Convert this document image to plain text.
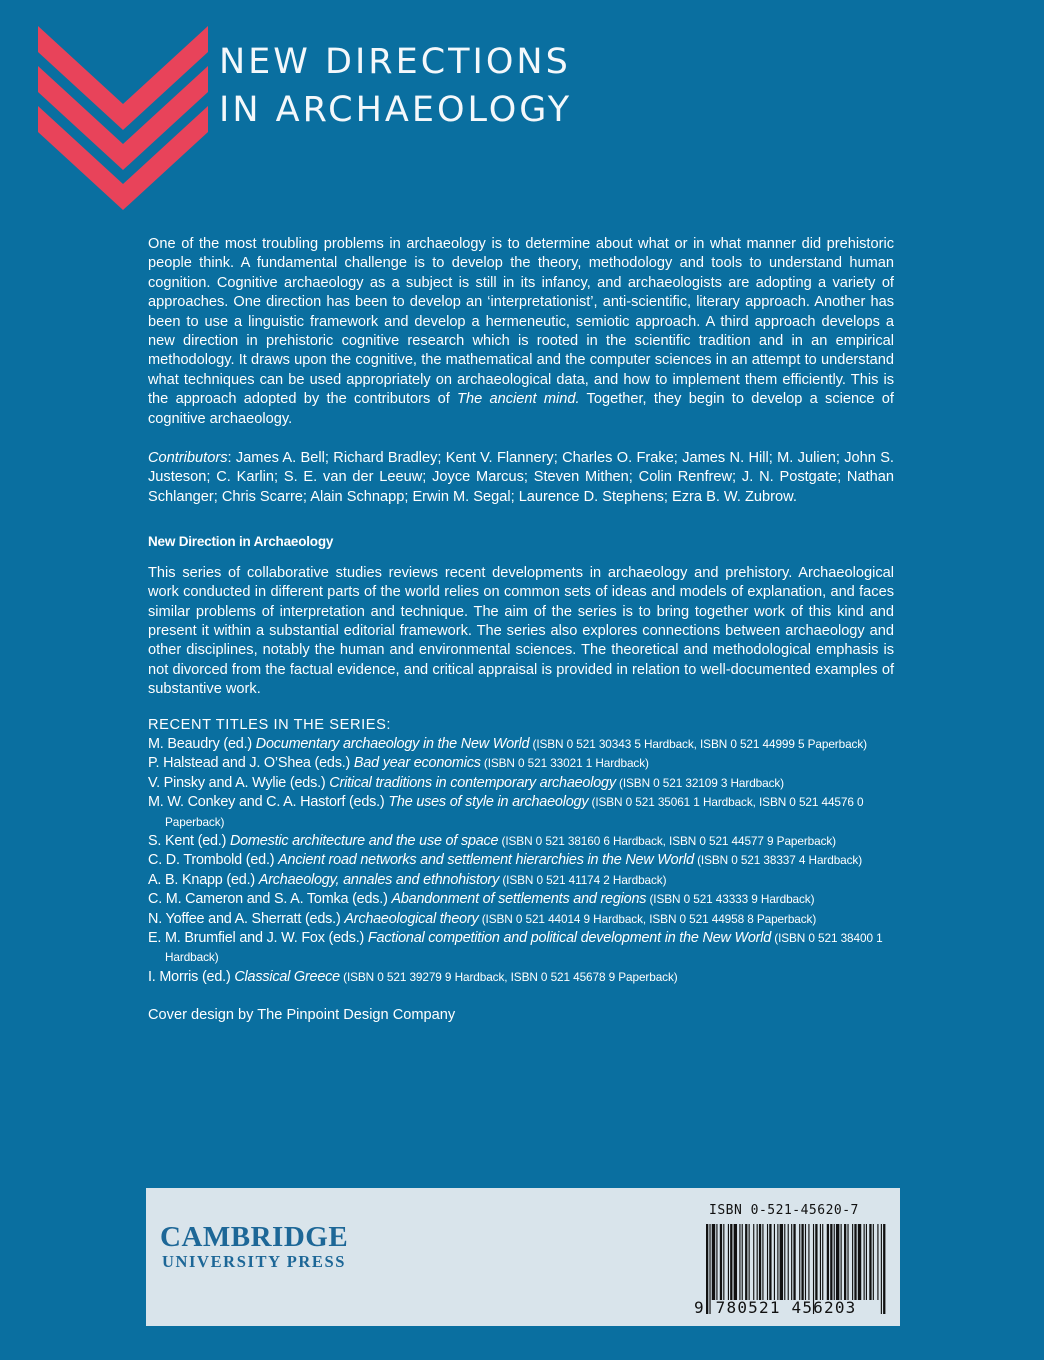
NEW DIRECTIONS
IN ARCHAEOLOGY

One of the most troubling problems in archaeology is to determine about what or in what manner did prehistoric people think. A fundamental challenge is to develop the theory, methodology and tools to understand human cognition. Cognitive archaeology as a subject is still in its infancy, and archaeologists are adopting a variety of approaches. One direction has been to develop an ‘interpretationist’, anti-scientific, literary approach. Another has been to use a linguistic framework and develop a hermeneutic, semiotic approach. A third approach develops a new direction in prehistoric cognitive research which is rooted in the scientific tradition and in an empirical methodology. It draws upon the cognitive, the mathematical and the computer sciences in an attempt to understand what techniques can be used appropriately on archaeological data, and how to implement them efficiently. This is the approach adopted by the contributors of The ancient mind. Together, they begin to develop a science of cognitive archaeology.

Contributors: James A. Bell; Richard Bradley; Kent V. Flannery; Charles O. Frake; James N. Hill; M. Julien; John S. Justeson; C. Karlin; S. E. van der Leeuw; Joyce Marcus; Steven Mithen; Colin Renfrew; J. N. Postgate; Nathan Schlanger; Chris Scarre; Alain Schnapp; Erwin M. Segal; Laurence D. Stephens; Ezra B. W. Zubrow.

New Direction in Archaeology

This series of collaborative studies reviews recent developments in archaeology and prehistory. Archaeological work conducted in different parts of the world relies on common sets of ideas and models of explanation, and faces similar problems of interpretation and technique. The aim of the series is to bring together work of this kind and present it within a substantial editorial framework. The series also explores connections between archaeology and other disciplines, notably the human and environmental sciences. The theoretical and methodological emphasis is not divorced from the factual evidence, and critical appraisal is provided in relation to well-documented examples of substantive work.

RECENT TITLES IN THE SERIES:

M. Beaudry (ed.) Documentary archaeology in the New World (ISBN 0 521 30343 5 Hardback, ISBN 0 521 44999 5 Paperback)
P. Halstead and J. O’Shea (eds.) Bad year economics (ISBN 0 521 33021 1 Hardback)
V. Pinsky and A. Wylie (eds.) Critical traditions in contemporary archaeology (ISBN 0 521 32109 3 Hardback)
M. W. Conkey and C. A. Hastorf (eds.) The uses of style in archaeology (ISBN 0 521 35061 1 Hardback, ISBN 0 521 44576 0 Paperback)
S. Kent (ed.) Domestic architecture and the use of space (ISBN 0 521 38160 6 Hardback, ISBN 0 521 44577 9 Paperback)
C. D. Trombold (ed.) Ancient road networks and settlement hierarchies in the New World (ISBN 0 521 38337 4 Hardback)
A. B. Knapp (ed.) Archaeology, annales and ethnohistory (ISBN 0 521 41174 2 Hardback)
C. M. Cameron and S. A. Tomka (eds.) Abandonment of settlements and regions (ISBN 0 521 43333 9 Hardback)
N. Yoffee and A. Sherratt (eds.) Archaeological theory (ISBN 0 521 44014 9 Hardback, ISBN 0 521 44958 8 Paperback)
E. M. Brumfiel and J. W. Fox (eds.) Factional competition and political development in the New World (ISBN 0 521 38400 1 Hardback)
I. Morris (ed.) Classical Greece (ISBN 0 521 39279 9 Hardback, ISBN 0 521 45678 9 Paperback)

Cover design by The Pinpoint Design Company

CAMBRIDGE
UNIVERSITY PRESS
ISBN 0-521-45620-7
9 780521 456203
